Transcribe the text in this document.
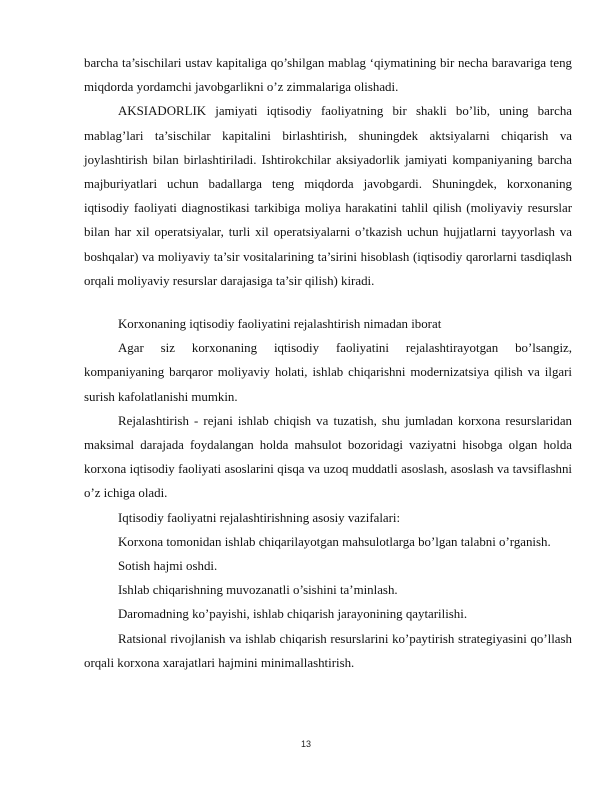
barcha ta’sischilari ustav kapitaliga qo’shilgan mablag ‘qiymatining bir necha baravariga teng miqdorda yordamchi javobgarlikni o’z zimmalariga olishadi.

AKSIADORLIK jamiyati iqtisodiy faoliyatning bir shakli bo’lib, uning barcha mablag’lari ta’sischilar kapitalini birlashtirish, shuningdek aktsiyalarni chiqarish va joylashtirish bilan birlashtiriladi. Ishtirokchilar aksiyadorlik jamiyati kompaniyaning barcha majburiyatlari uchun badallarga teng miqdorda javobgardi. Shuningdek, korxonaning iqtisodiy faoliyati diagnostikasi tarkibiga moliya harakatini tahlil qilish (moliyaviy resurslar bilan har xil operatsiyalar, turli xil operatsiyalarni o’tkazish uchun hujjatlarni tayyorlash va boshqalar) va moliyaviy ta’sir vositalarining ta’sirini hisoblash (iqtisodiy qarorlarni tasdiqlash orqali moliyaviy resurslar darajasiga ta’sir qilish) kiradi.

Korxonaning iqtisodiy faoliyatini rejalashtirish nimadan iborat

Agar siz korxonaning iqtisodiy faoliyatini rejalashtirayotgan bo’lsangiz, kompaniyaning barqaror moliyaviy holati, ishlab chiqarishni modernizatsiya qilish va ilgari surish kafolatlanishi mumkin.

Rejalashtirish - rejani ishlab chiqish va tuzatish, shu jumladan korxona resurslaridan maksimal darajada foydalangan holda mahsulot bozoridagi vaziyatni hisobga olgan holda korxona iqtisodiy faoliyati asoslarini qisqa va uzoq muddatli asoslash, asoslash va tavsiflashni o’z ichiga oladi.

Iqtisodiy faoliyatni rejalashtirishning asosiy vazifalari:

Korxona tomonidan ishlab chiqarilayotgan mahsulotlarga bo’lgan talabni o’rganish.

Sotish hajmi oshdi.

Ishlab chiqarishning muvozanatli o’sishini ta’minlash.

Daromadning ko’payishi, ishlab chiqarish jarayonining qaytarilishi.

Ratsional rivojlanish va ishlab chiqarish resurslarini ko’paytirish strategiyasini qo’llash orqali korxona xarajatlari hajmini minimallashtirish.

13
